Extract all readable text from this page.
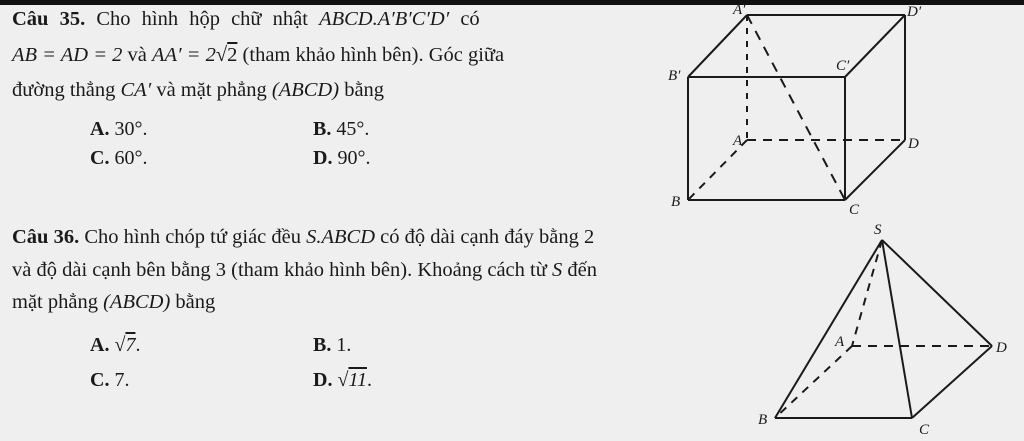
Câu 35. Cho hình hộp chữ nhật ABCD.A′B′C′D′ có
AB = AD = 2 và AA′ = 2√2 (tham khảo hình bên). Góc giữa
đường thẳng CA′ và mặt phẳng (ABCD) bằng
A. 30°.	B. 45°.
C. 60°.	D. 90°.
Câu 36. Cho hình chóp tứ giác đều S.ABCD có độ dài cạnh đáy bằng 2
và độ dài cạnh bên bằng 3 (tham khảo hình bên). Khoảng cách từ S đến
mặt phẳng (ABCD) bằng
A. √7.	B. 1.
C. 7.	D. √11.
A′	D′
C′
B′
A	D
B	C
S
A	D
B
C
